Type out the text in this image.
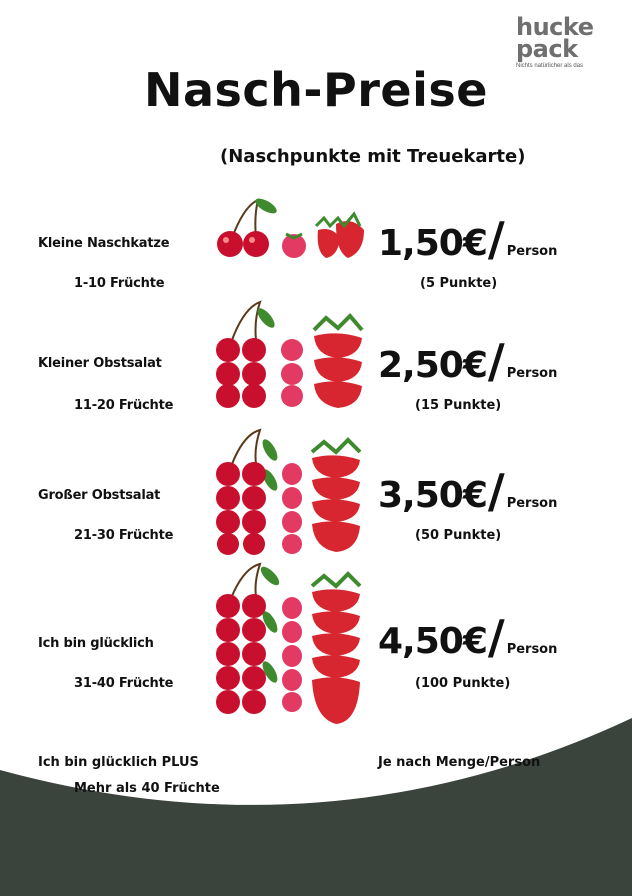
hucke
pack
Nichts natürlicher als das
Nasch-Preise
(Naschpunkte mit Treuekarte)
Kleine Naschkatze
1-10 Früchte
1,50€/ Person
(5 Punkte)
Kleiner Obstsalat
11-20 Früchte
2,50€/ Person
(15 Punkte)
Großer Obstsalat
21-30 Früchte
3,50€/ Person
(50 Punkte)
Ich bin glücklich
31-40 Früchte
4,50€/ Person
(100 Punkte)
Ich bin glücklich PLUS
Mehr als 40 Früchte
Je nach Menge/Person
